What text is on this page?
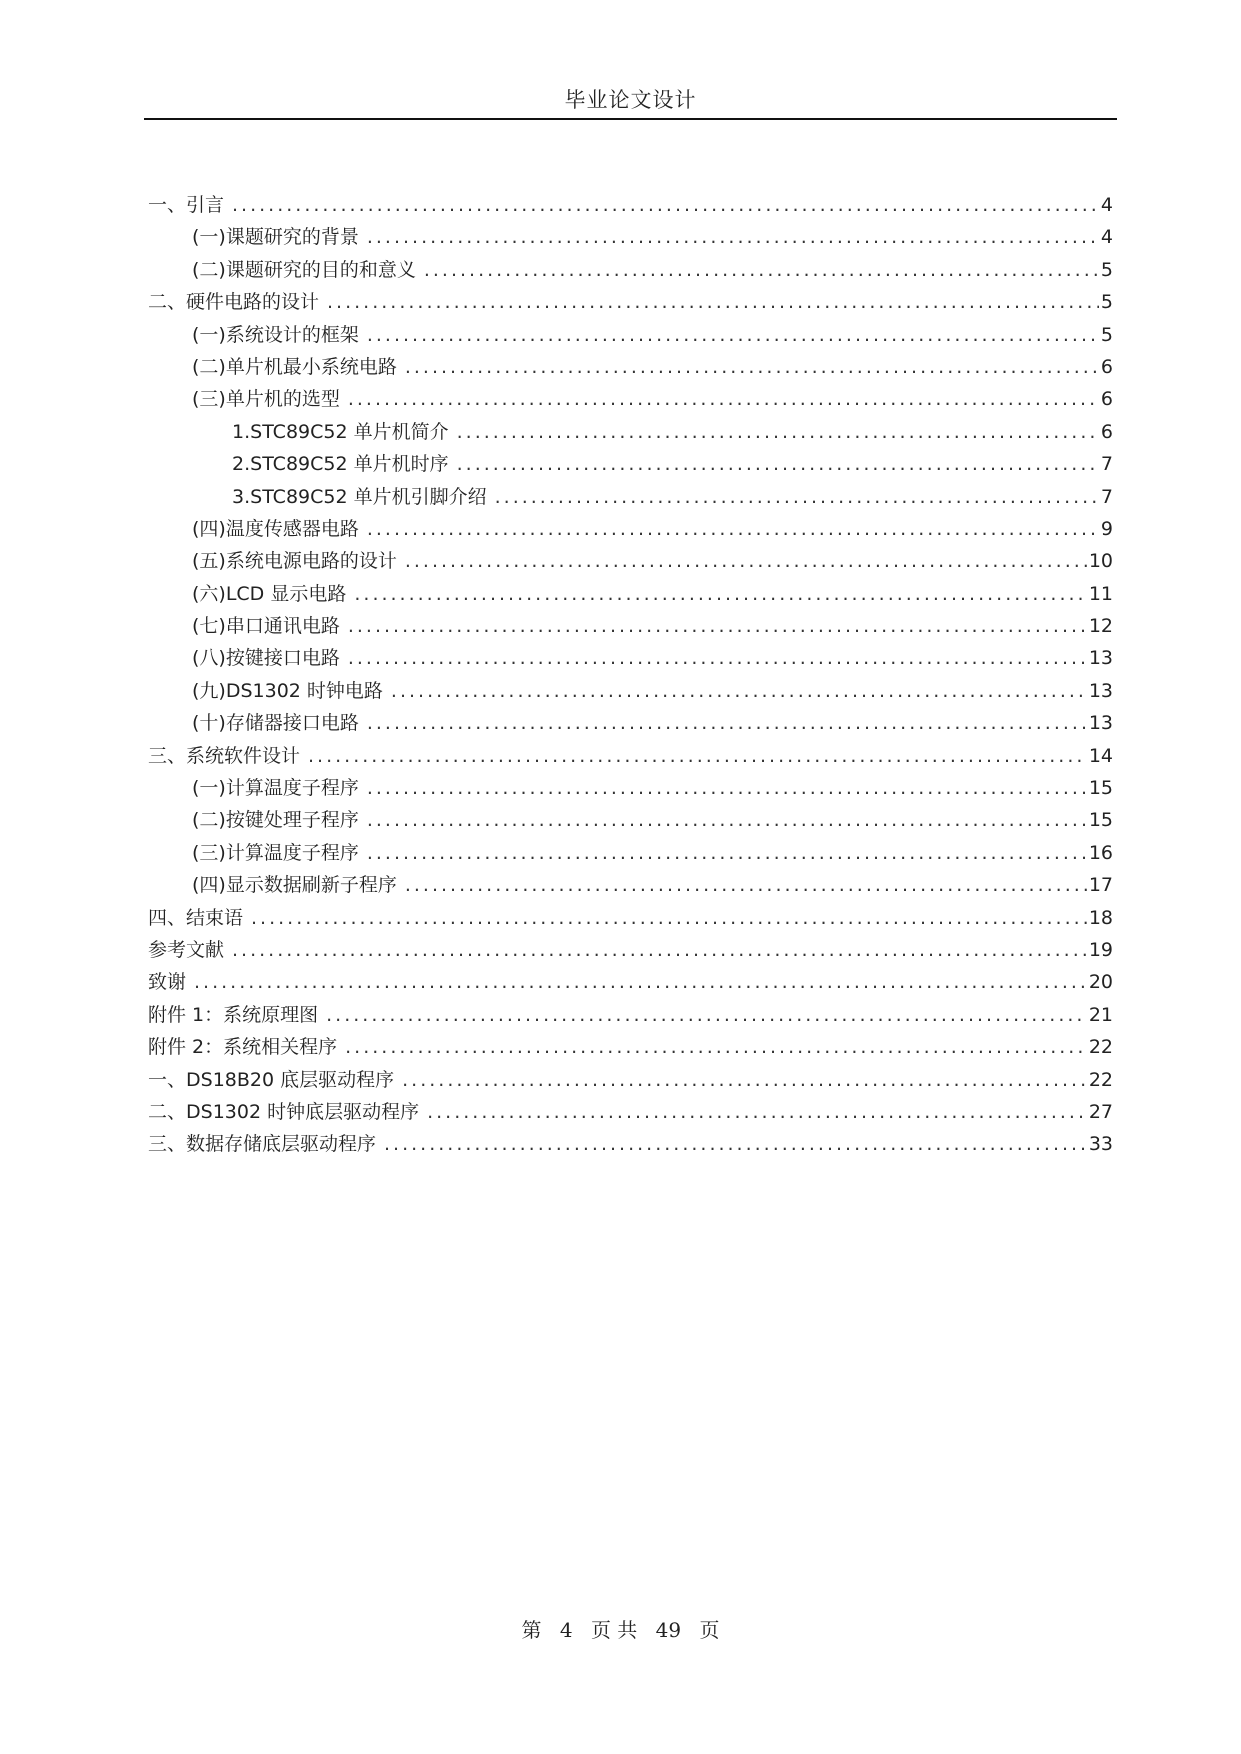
毕业论文设计
一、引言 .....	4
(一)课题研究的背景 .....	4
(二)课题研究的目的和意义 .....	5
二、硬件电路的设计 .....	5
(一)系统设计的框架 .....	5
(二)单片机最小系统电路 .....	6
(三)单片机的选型 .....	6
1.STC89C52 单片机简介 .....	6
2.STC89C52 单片机时序 .....	7
3.STC89C52 单片机引脚介绍 .....	7
(四)温度传感器电路 .....	9
(五)系统电源电路的设计 .....	10
(六)LCD 显示电路 .....	11
(七)串口通讯电路 .....	12
(八)按键接口电路 .....	13
(九)DS1302 时钟电路 .....	13
(十)存储器接口电路 .....	13
三、系统软件设计 .....	14
(一)计算温度子程序 .....	15
(二)按键处理子程序 .....	15
(三)计算温度子程序 .....	16
(四)显示数据刷新子程序 .....	17
四、结束语 .....	18
参考文献 .....	19
致谢 .....	20
附件 1：系统原理图 .....	21
附件 2：系统相关程序 .....	22
一、DS18B20 底层驱动程序 .....	22
二、DS1302 时钟底层驱动程序 .....	27
三、数据存储底层驱动程序 .....	33
第 4 页 共 49 页
